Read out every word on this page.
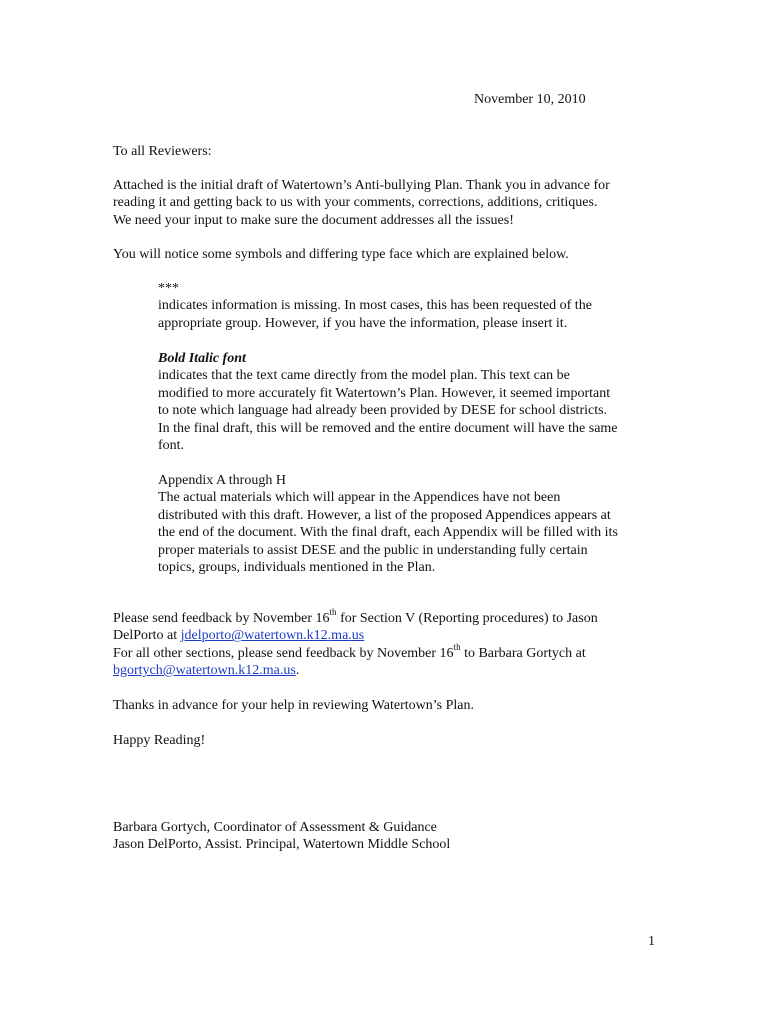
November 10, 2010
To all Reviewers:
Attached is the initial draft of Watertown’s Anti-bullying Plan. Thank you in advance for
reading it and getting back to us with your comments, corrections, additions, critiques.
We need your input to make sure the document addresses all the issues!
You will notice some symbols and differing type face which are explained below.
***
indicates information is missing. In most cases, this has been requested of the
appropriate group. However, if you have the information, please insert it.
Bold Italic font
indicates that the text came directly from the model plan. This text can be
modified to more accurately fit Watertown’s Plan. However, it seemed important
to note which language had already been provided by DESE for school districts.
In the final draft, this will be removed and the entire document will have the same
font.
Appendix A through H
The actual materials which will appear in the Appendices have not been
distributed with this draft. However, a list of the proposed Appendices appears at
the end of the document. With the final draft, each Appendix will be filled with its
proper materials to assist DESE and the public in understanding fully certain
topics, groups, individuals mentioned in the Plan.
Please send feedback by November 16th for Section V (Reporting procedures) to Jason
DelPorto at jdelporto@watertown.k12.ma.us
For all other sections, please send feedback by November 16th to Barbara Gortych at
bgortych@watertown.k12.ma.us.
Thanks in advance for your help in reviewing Watertown’s Plan.
Happy Reading!
Barbara Gortych, Coordinator of Assessment & Guidance
Jason DelPorto, Assist. Principal, Watertown Middle School
1
